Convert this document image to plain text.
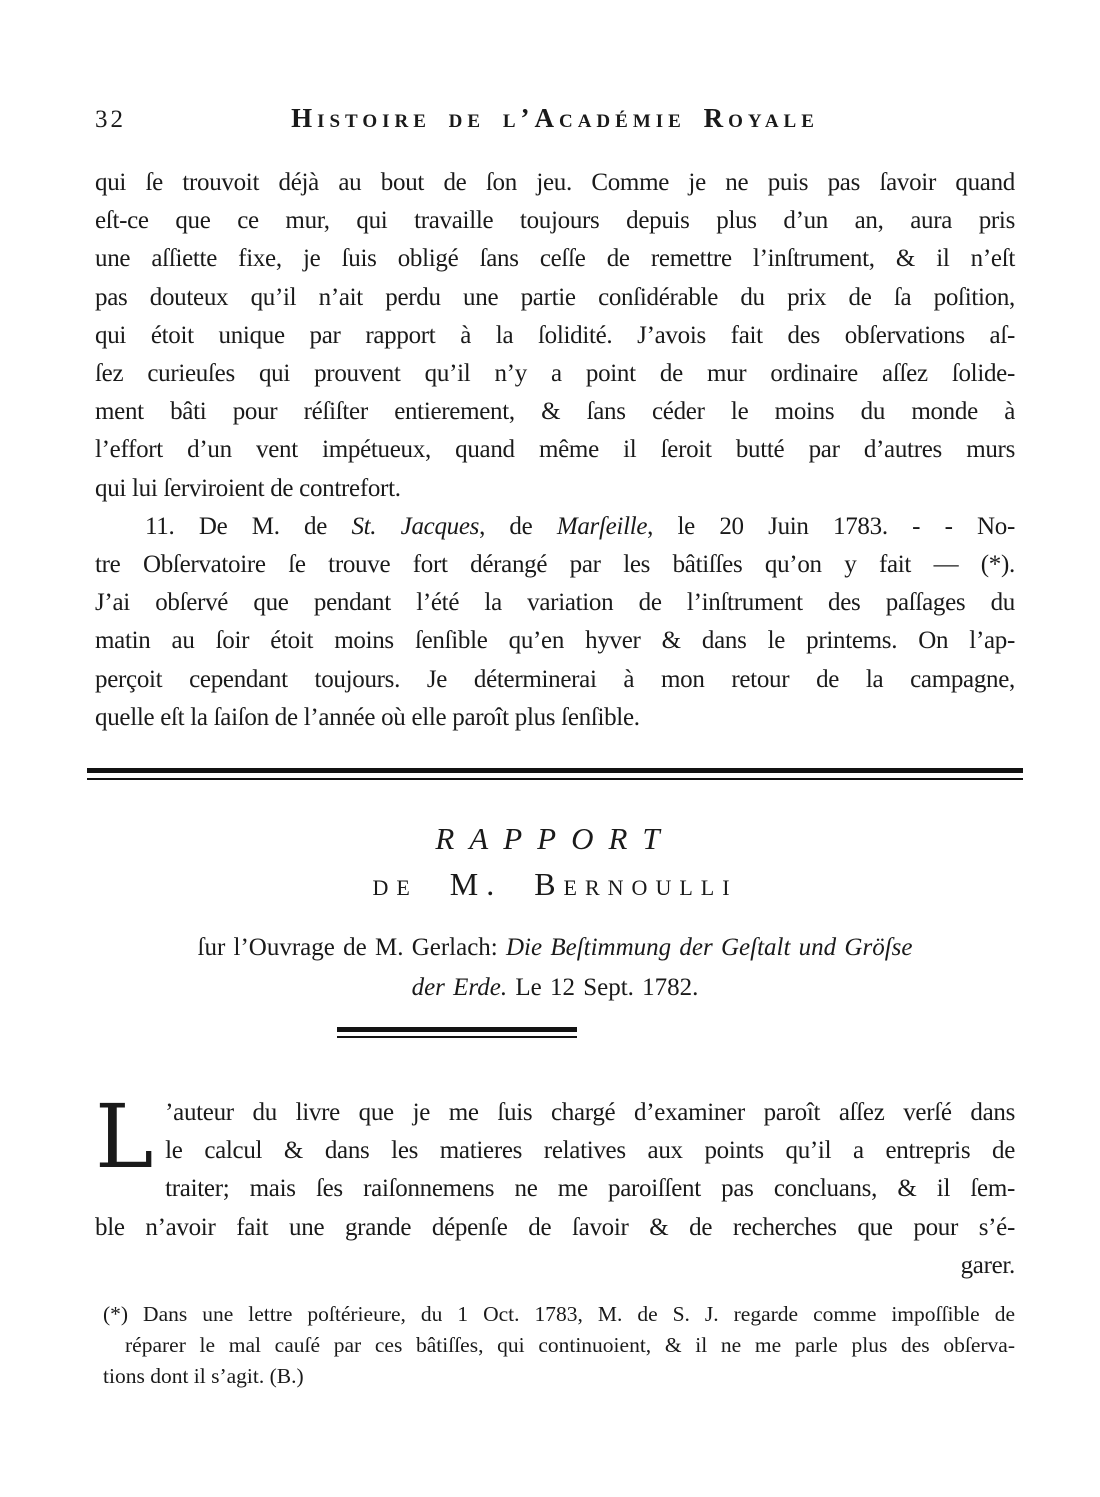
32	Histoire de l’Académie Royale
qui ſe trouvoit déjà au bout de ſon jeu. Comme je ne puis pas ſavoir quand
eſt-ce que ce mur, qui travaille toujours depuis plus d’un an, aura pris
une aſſiette fixe, je ſuis obligé ſans ceſſe de remettre l’inſtrument, & il n’eſt
pas douteux qu’il n’ait perdu une partie conſidérable du prix de ſa poſition,
qui étoit unique par rapport à la ſolidité. J’avois fait des obſervations aſ-
ſez curieuſes qui prouvent qu’il n’y a point de mur ordinaire aſſez ſolide-
ment bâti pour réſiſter entierement, & ſans céder le moins du monde à
l’effort d’un vent impétueux, quand même il ſeroit butté par d’autres murs
qui lui ſerviroient de contrefort.
11. De M. de St. Jacques, de Marſeille, le 20 Juin 1783. - - No-
tre Obſervatoire ſe trouve fort dérangé par les bâtiſſes qu’on y fait — (*).
J’ai obſervé que pendant l’été la variation de l’inſtrument des paſſages du
matin au ſoir étoit moins ſenſible qu’en hyver & dans le printems. On l’ap-
perçoit cependant toujours. Je déterminerai à mon retour de la campagne,
quelle eſt la ſaiſon de l’année où elle paroît plus ſenſible.
RAPPORT
de M. Bernoulli
ſur l’Ouvrage de M. Gerlach: Die Beſtimmung der Geſtalt und Gröſse
der Erde. Le 12 Sept. 1782.
L ’auteur du livre que je me ſuis chargé d’examiner paroît aſſez verſé dans
le calcul & dans les matieres relatives aux points qu’il a entrepris de
traiter; mais ſes raiſonnemens ne me paroiſſent pas concluans, & il ſem-
ble n’avoir fait une grande dépenſe de ſavoir & de recherches que pour s’é-
garer.
(*) Dans une lettre poſtérieure, du 1 Oct. 1783, M. de S. J. regarde comme impoſſible de
réparer le mal cauſé par ces bâtiſſes, qui continuoient, & il ne me parle plus des obſerva-
tions dont il s’agit. (B.)
